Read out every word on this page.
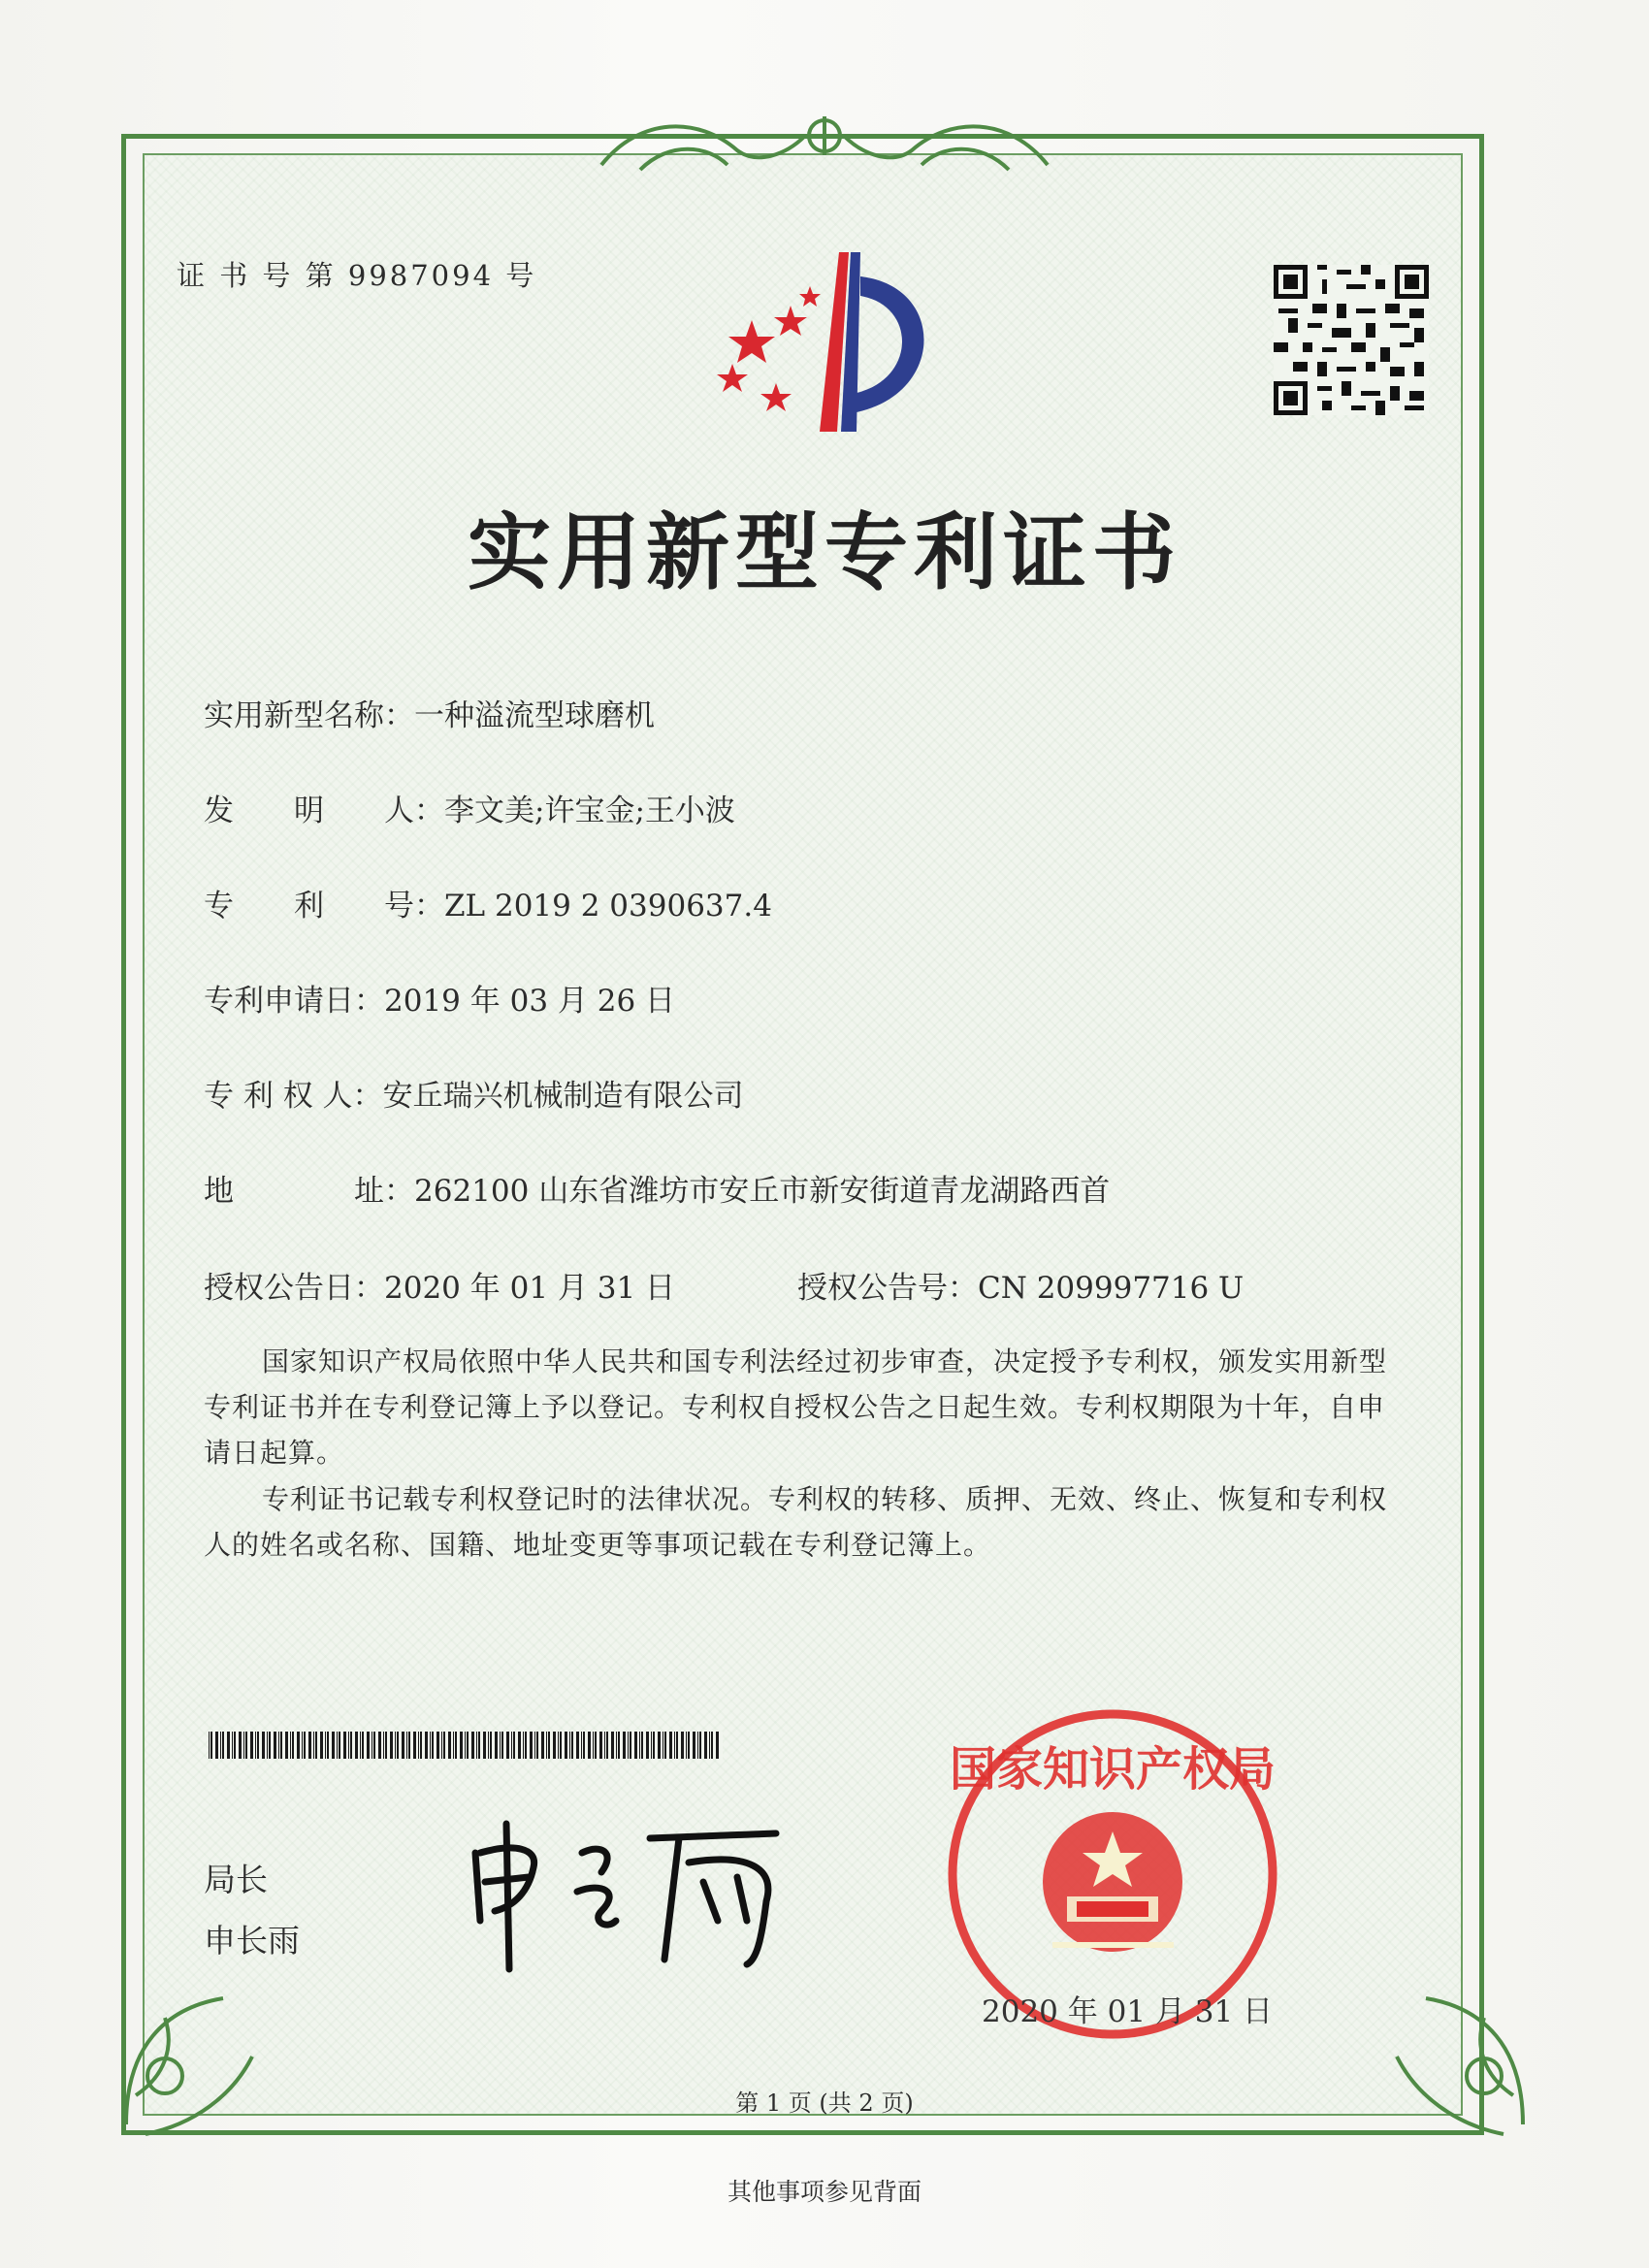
证 书 号 第 9987094 号
实用新型专利证书
实用新型名称：一种溢流型球磨机
发　　明　　人：李文美;许宝金;王小波
专　　利　　号：ZL 2019 2 0390637.4
专利申请日：2019 年 03 月 26 日
专 利 权 人：安丘瑞兴机械制造有限公司
地　　　　址：262100 山东省潍坊市安丘市新安街道青龙湖路西首
授权公告日：2020 年 01 月 31 日	授权公告号：CN 209997716 U
国家知识产权局依照中华人民共和国专利法经过初步审查，决定授予专利权，颁发实用新型专利证书并在专利登记簿上予以登记。专利权自授权公告之日起生效。专利权期限为十年，自申请日起算。
专利证书记载专利权登记时的法律状况。专利权的转移、质押、无效、终止、恢复和专利权人的姓名或名称、国籍、地址变更等事项记载在专利登记簿上。
局长
申长雨
国家知识产权局
2020 年 01 月 31 日
第 1 页 (共 2 页)
其他事项参见背面
